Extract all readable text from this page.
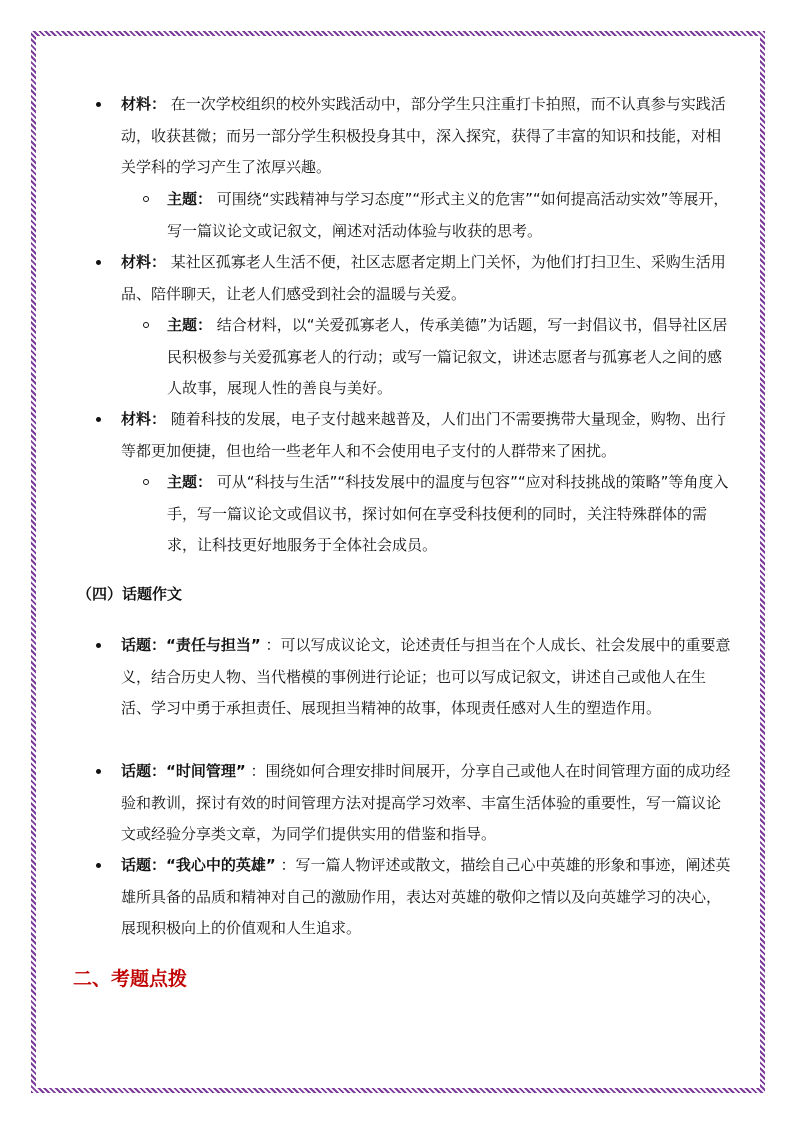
材料： 在一次学校组织的校外实践活动中，部分学生只注重打卡拍照，而不认真参与实践活动，收获甚微；而另一部分学生积极投身其中，深入探究，获得了丰富的知识和技能，对相关学科的学习产生了浓厚兴趣。
主题： 可围绕“实践精神与学习态度”“形式主义的危害”“如何提高活动实效”等展开，写一篇议论文或记叙文，阐述对活动体验与收获的思考。
材料： 某社区孤寡老人生活不便，社区志愿者定期上门关怀，为他们打扫卫生、采购生活用品、陪伴聊天，让老人们感受到社会的温暖与关爱。
主题： 结合材料，以“关爱孤寡老人，传承美德”为话题，写一封倡议书，倡导社区居民积极参与关爱孤寡老人的行动；或写一篇记叙文，讲述志愿者与孤寡老人之间的感人故事，展现人性的善良与美好。
材料： 随着科技的发展，电子支付越来越普及，人们出门不需要携带大量现金，购物、出行等都更加便捷，但也给一些老年人和不会使用电子支付的人群带来了困扰。
主题： 可从“科技与生活”“科技发展中的温度与包容”“应对科技挑战的策略”等角度入手，写一篇议论文或倡议书，探讨如何在享受科技便利的同时，关注特殊群体的需求，让科技更好地服务于全体社会成员。
（四）话题作文
话题：“责任与担当” ：可以写成议论文，论述责任与担当在个人成长、社会发展中的重要意义，结合历史人物、当代楷模的事例进行论证；也可以写成记叙文，讲述自己或他人在生活、学习中勇于承担责任、展现担当精神的故事，体现责任感对人生的塑造作用。
话题：“时间管理” ：围绕如何合理安排时间展开，分享自己或他人在时间管理方面的成功经验和教训，探讨有效的时间管理方法对提高学习效率、丰富生活体验的重要性，写一篇议论文或经验分享类文章，为同学们提供实用的借鉴和指导。
话题：“我心中的英雄” ：写一篇人物评述或散文，描绘自己心中英雄的形象和事迹，阐述英雄所具备的品质和精神对自己的激励作用，表达对英雄的敬仰之情以及向英雄学习的决心，展现积极向上的价值观和人生追求。
二、考题点拨
